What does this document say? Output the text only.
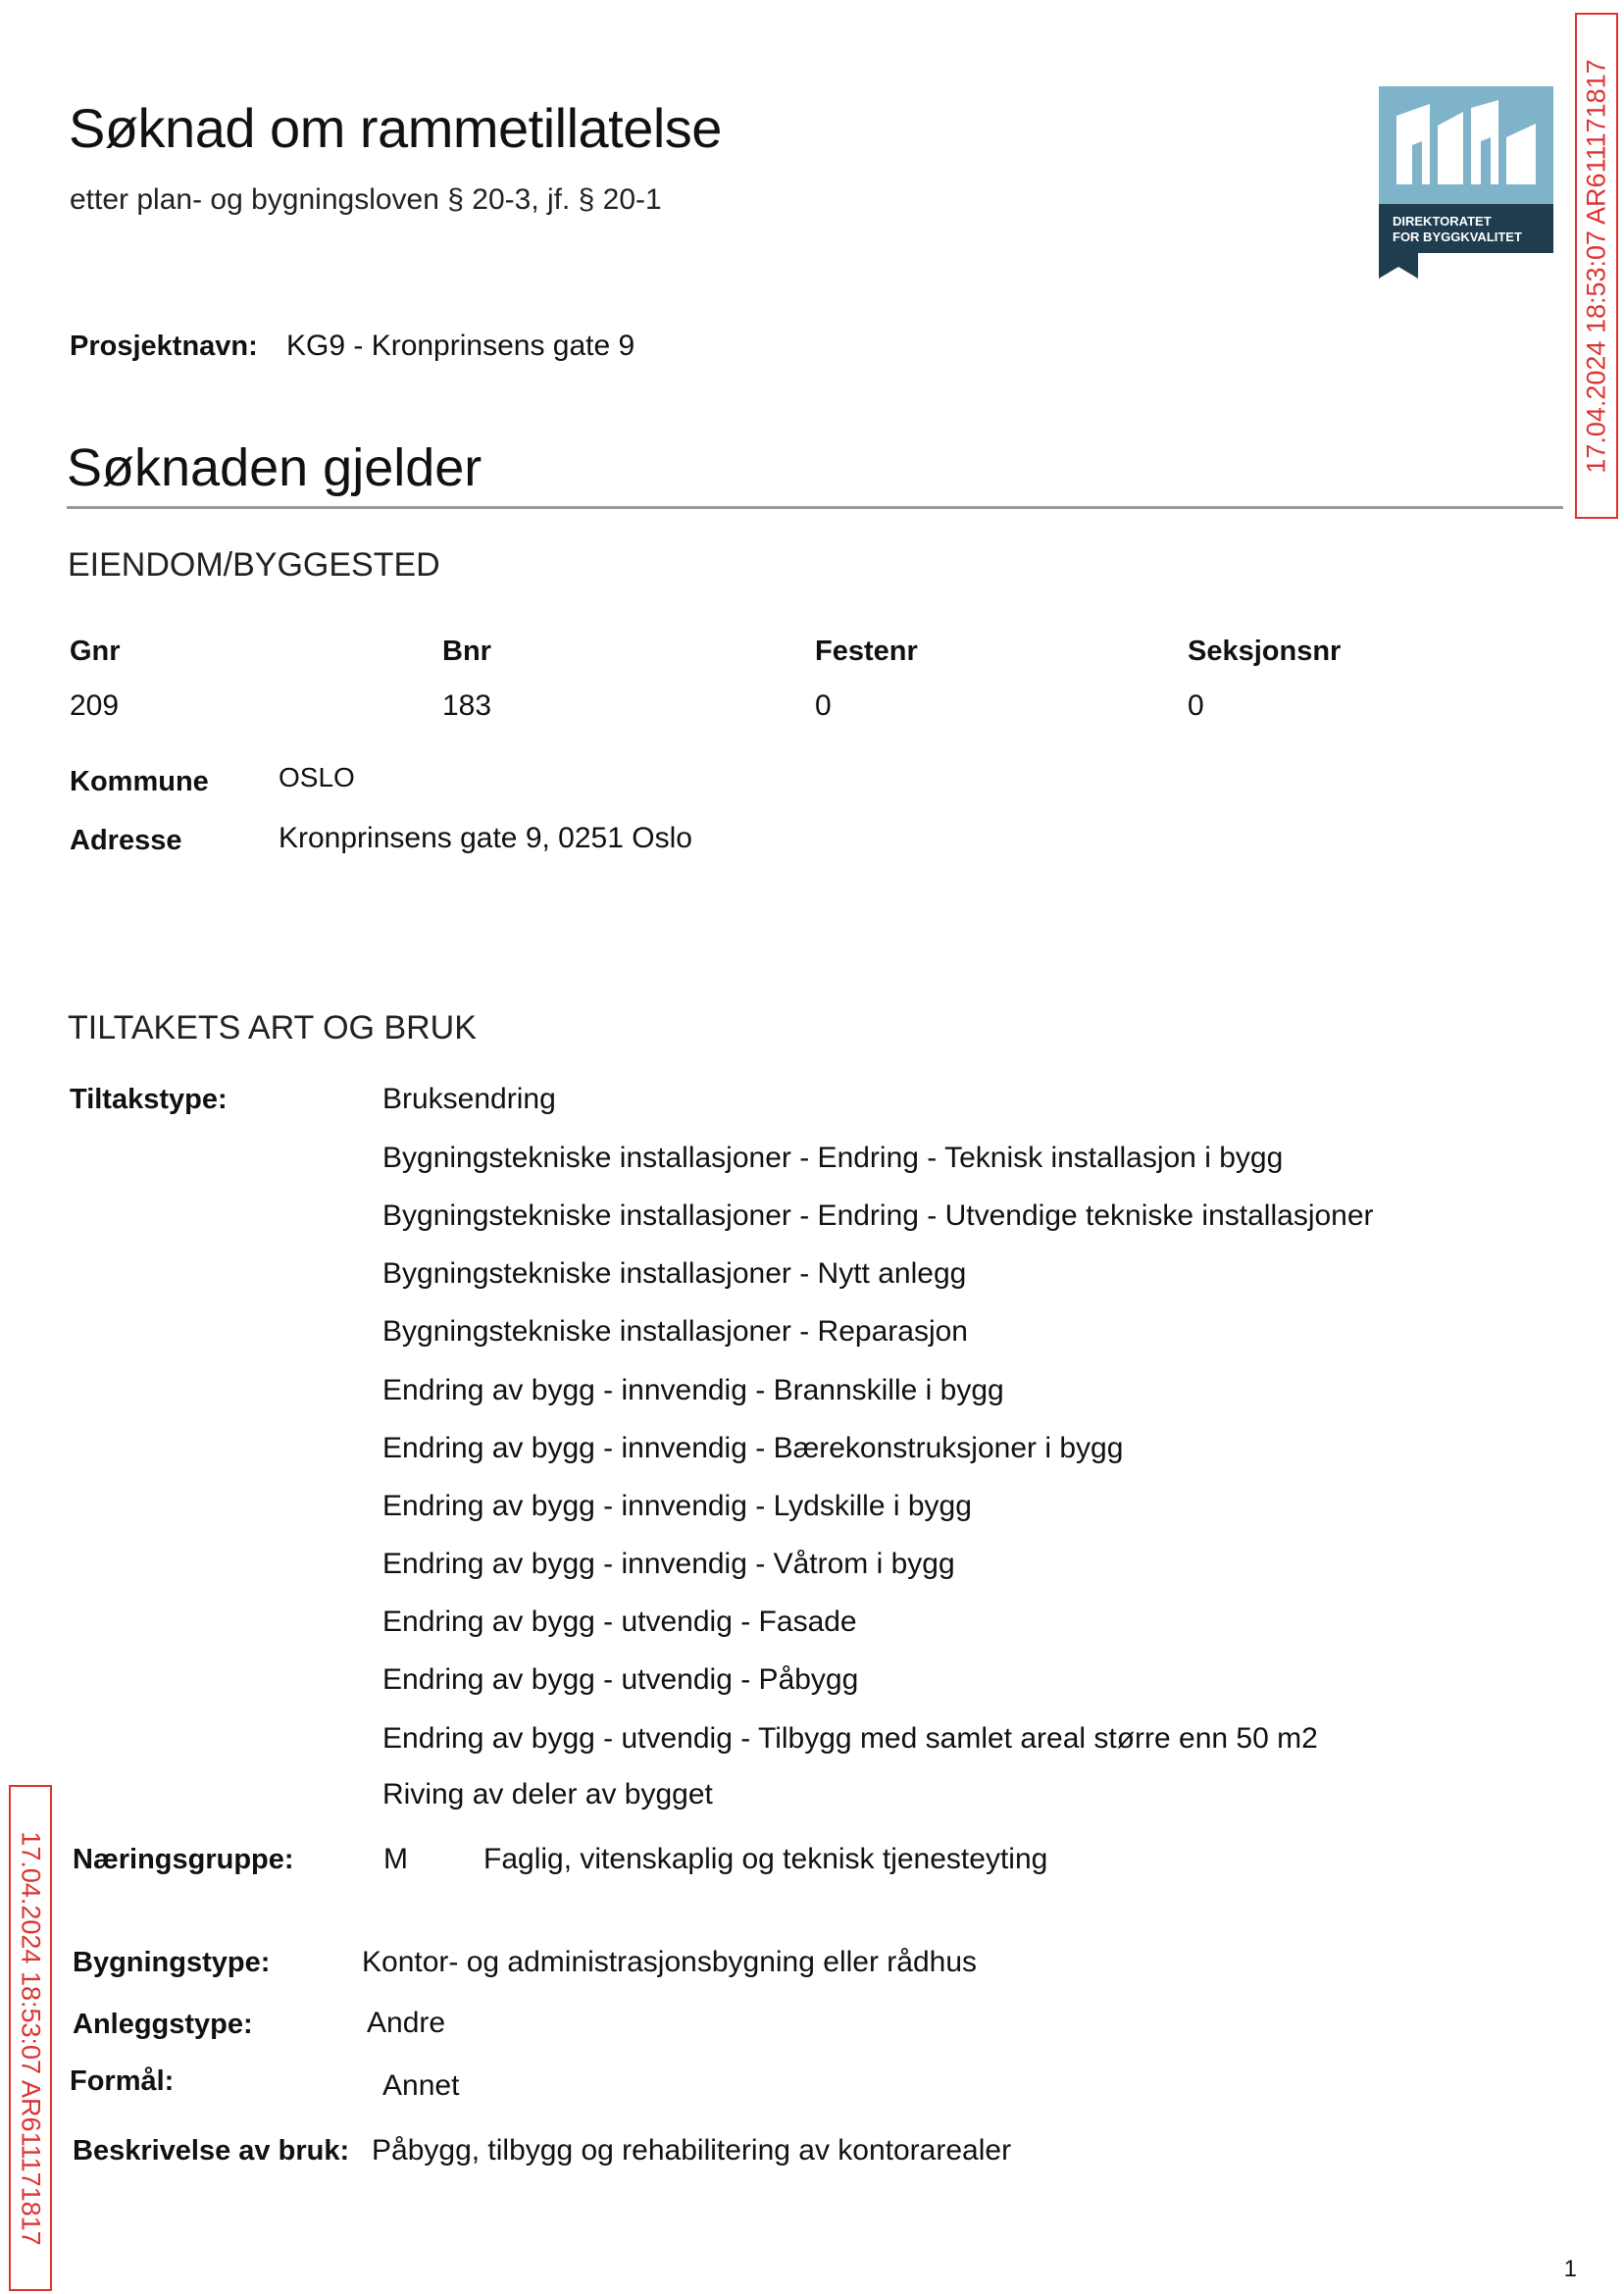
Søknad om rammetillatelse
etter plan- og bygningsloven § 20-3, jf. § 20-1
DIREKTORATET
FOR BYGGKVALITET 17.04.2024 18:53:07 AR611171817
17.04.2024 18:53:07 AR611171817
Prosjektnavn: KG9 - Kronprinsens gate 9
Søknaden gjelder
EIENDOM/BYGGESTED
Gnr	Bnr	Festenr	Seksjonsnr
209	183	0	0
Kommune	OSLO
Adresse	Kronprinsens gate 9, 0251 Oslo
TILTAKETS ART OG BRUK
Tiltakstype:	Bruksendring
Bygningstekniske installasjoner - Endring - Teknisk installasjon i bygg
Bygningstekniske installasjoner - Endring - Utvendige tekniske installasjoner
Bygningstekniske installasjoner - Nytt anlegg
Bygningstekniske installasjoner - Reparasjon
Endring av bygg - innvendig - Brannskille i bygg
Endring av bygg - innvendig - Bærekonstruksjoner i bygg
Endring av bygg - innvendig - Lydskille i bygg
Endring av bygg - innvendig - Våtrom i bygg
Endring av bygg - utvendig - Fasade
Endring av bygg - utvendig - Påbygg
Endring av bygg - utvendig - Tilbygg med samlet areal større enn 50 m2
Riving av deler av bygget
Næringsgruppe:	M	Faglig, vitenskaplig og teknisk tjenesteyting
Bygningstype:	Kontor- og administrasjonsbygning eller rådhus
Anleggstype:	Andre
Formål:	Annet
Beskrivelse av bruk: Påbygg, tilbygg og rehabilitering av kontorarealer
1
